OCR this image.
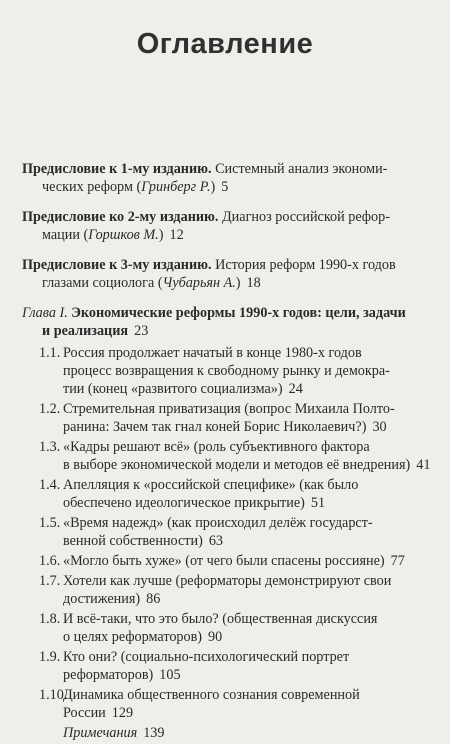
Оглавление
Предисловие к 1-му изданию. Системный анализ экономи-
ческих реформ (Гринберг Р.) 5
Предисловие ко 2-му изданию. Диагноз российской рефор-
мации (Горшков М.) 12
Предисловие к 3-му изданию. История реформ 1990-х годов
глазами социолога (Чубарьян А.) 18
Глава I. Экономические реформы 1990-х годов: цели, задачи
и реализация 23
1.1. Россия продолжает начатый в конце 1980-х годов
процесс возвращения к свободному рынку и демокра-
тии (конец «развитого социализма») 24
1.2. Стремительная приватизация (вопрос Михаила Полто-
ранина: Зачем так гнал коней Борис Николаевич?) 30
1.3. «Кадры решают всё» (роль субъективного фактора
в выборе экономической модели и методов её внедрения) 41
1.4. Апелляция к «российской специфике» (как было
обеспечено идеологическое прикрытие) 51
1.5. «Время надежд» (как происходил делёж государст-
венной собственности) 63
1.6. «Могло быть хуже» (от чего были спасены россияне) 77
1.7. Хотели как лучше (реформаторы демонстрируют свои
достижения) 86
1.8. И всё-таки, что это было? (общественная дискуссия
о целях реформаторов) 90
1.9. Кто они? (социально-психологический портрет
реформаторов) 105
1.10.
Динамика общественного сознания современной
России 129
Примечания 139
